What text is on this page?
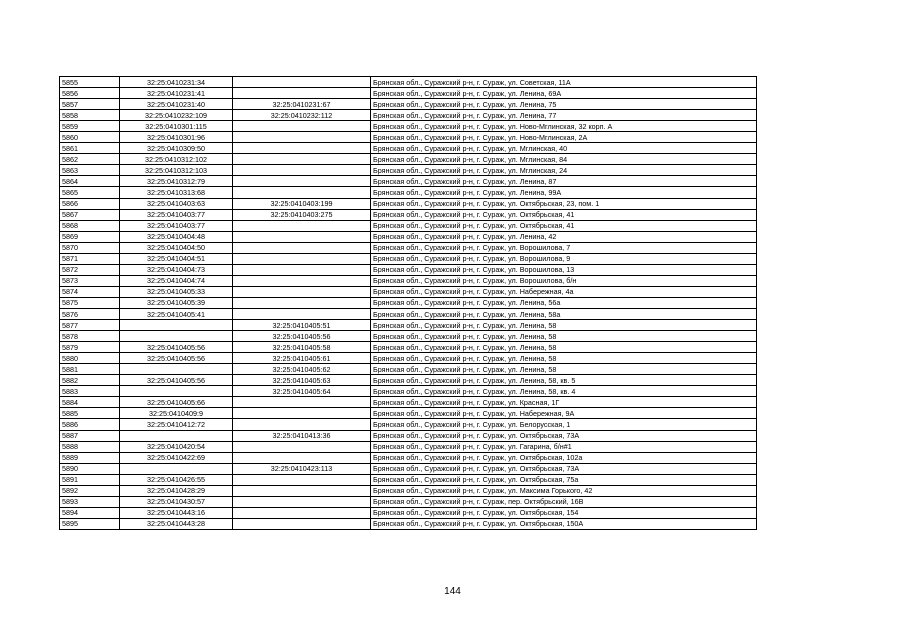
5855	32:25:0410231:34		Брянская обл., Суражский р-н, г. Сураж, ул. Советская, 11А
5856	32:25:0410231:41		Брянская обл., Суражский р-н, г. Сураж, ул. Ленина, 69А
5857	32:25:0410231:40	32:25:0410231:67	Брянская обл., Суражский р-н, г. Сураж, ул. Ленина, 75
5858	32:25:0410232:109	32:25:0410232:112	Брянская обл., Суражский р-н, г. Сураж, ул. Ленина, 77
5859	32:25:0410301:115		Брянская обл., Суражский р-н, г. Сураж, ул. Ново-Мглинская, 32 корп. А
5860	32:25:0410301:96		Брянская обл., Суражский р-н, г. Сураж, ул. Ново-Мглинская, 2А
5861	32:25:0410309:50		Брянская обл., Суражский р-н, г. Сураж, ул. Мглинская, 40
5862	32:25:0410312:102		Брянская обл., Суражский р-н, г. Сураж, ул. Мглинская, 84
5863	32:25:0410312:103		Брянская обл., Суражский р-н, г. Сураж, ул. Мглинская, 24
5864	32:25:0410312:79		Брянская обл., Суражский р-н, г. Сураж, ул. Ленина, 87
5865	32:25:0410313:68		Брянская обл., Суражский р-н, г. Сураж, ул. Ленина, 99А
5866	32:25:0410403:63	32:25:0410403:199	Брянская обл., Суражский р-н, г. Сураж, ул. Октябрьская, 23, пом. 1
5867	32:25:0410403:77	32:25:0410403:275	Брянская обл., Суражский р-н, г. Сураж, ул. Октябрьская, 41
5868	32:25:0410403:77		Брянская обл., Суражский р-н, г. Сураж, ул. Октябрьская, 41
5869	32:25:0410404:48		Брянская обл., Суражский р-н, г. Сураж, ул. Ленина, 42
5870	32:25:0410404:50		Брянская обл., Суражский р-н, г. Сураж, ул. Ворошилова, 7
5871	32:25:0410404:51		Брянская обл., Суражский р-н, г. Сураж, ул. Ворошилова, 9
5872	32:25:0410404:73		Брянская обл., Суражский р-н, г. Сураж, ул. Ворошилова, 13
5873	32:25:0410404:74		Брянская обл., Суражский р-н, г. Сураж, ул. Ворошилова, б/н
5874	32:25:0410405:33		Брянская обл., Суражский р-н, г. Сураж, ул. Набережная, 4а
5875	32:25:0410405:39		Брянская обл., Суражский р-н, г. Сураж, ул. Ленина, 56а
5876	32:25:0410405:41		Брянская обл., Суражский р-н, г. Сураж, ул. Ленина, 58а
5877		32:25:0410405:51	Брянская обл., Суражский р-н, г. Сураж, ул. Ленина, 58
5878		32:25:0410405:56	Брянская обл., Суражский р-н, г. Сураж, ул. Ленина, 58
5879	32:25:0410405:56	32:25:0410405:58	Брянская обл., Суражский р-н, г. Сураж, ул. Ленина, 58
5880	32:25:0410405:56	32:25:0410405:61	Брянская обл., Суражский р-н, г. Сураж, ул. Ленина, 58
5881		32:25:0410405:62	Брянская обл., Суражский р-н, г. Сураж, ул. Ленина, 58
5882	32:25:0410405:56	32:25:0410405:63	Брянская обл., Суражский р-н, г. Сураж, ул. Ленина, 58, кв. 5
5883		32:25:0410405:64	Брянская обл., Суражский р-н, г. Сураж, ул. Ленина, 58, кв. 4
5884	32:25:0410405:66		Брянская обл., Суражский р-н, г. Сураж, ул. Красная, 1Г
5885	32:25:0410409:9		Брянская обл., Суражский р-н, г. Сураж, ул. Набережная, 9А
5886	32:25:0410412:72		Брянская обл., Суражский р-н, г. Сураж, ул. Белорусская, 1
5887		32:25:0410413:36	Брянская обл., Суражский р-н, г. Сураж, ул. Октябрьская, 73А
5888	32:25:0410420:54		Брянская обл., Суражский р-н, г. Сураж, ул. Гагарина, б/н#1
5889	32:25:0410422:69		Брянская обл., Суражский р-н, г. Сураж, ул. Октябрьская, 102а
5890		32:25:0410423:113	Брянская обл., Суражский р-н, г. Сураж, ул. Октябрьская, 73А
5891	32:25:0410426:55		Брянская обл., Суражский р-н, г. Сураж, ул. Октябрьская, 75а
5892	32:25:0410428:29		Брянская обл., Суражский р-н, г. Сураж, ул. Максима Горького, 42
5893	32:25:0410430:57		Брянская обл., Суражский р-н, г. Сураж, пер. Октябрьский, 16В
5894	32:25:0410443:16		Брянская обл., Суражский р-н, г. Сураж, ул. Октябрьская, 154
5895	32:25:0410443:28		Брянская обл., Суражский р-н, г. Сураж, ул. Октябрьская, 150А
144
